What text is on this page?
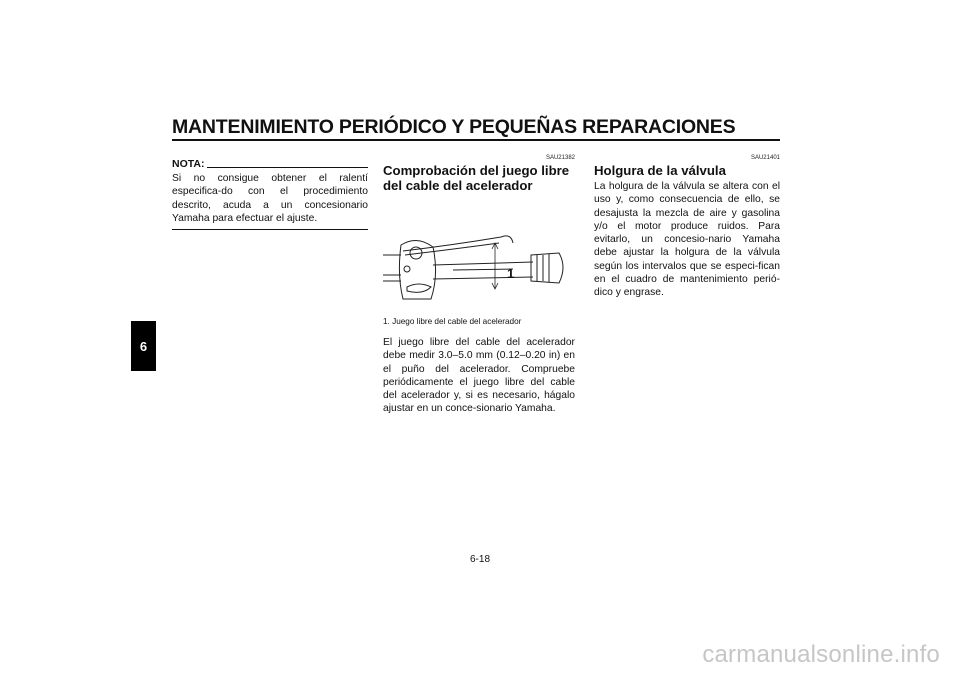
MANTENIMIENTO PERIÓDICO Y PEQUEÑAS REPARACIONES
6
NOTA:

Si no consigue obtener el ralentí especifica-do con el procedimiento descrito, acuda a un concesionario Yamaha para efectuar el ajuste.

SAU21382
Comprobación del juego libre del cable del acelerador
1
1. Juego libre del cable del acelerador

El juego libre del cable del acelerador debe medir 3.0–5.0 mm (0.12–0.20 in) en el puño del acelerador. Compruebe periódicamente el juego libre del cable del acelerador y, si es necesario, hágalo ajustar en un conce-sionario Yamaha.

SAU21401
Holgura de la válvula

La holgura de la válvula se altera con el uso y, como consecuencia de ello, se desajusta la mezcla de aire y gasolina y/o el motor produce ruidos. Para evitarlo, un concesio-nario Yamaha debe ajustar la holgura de la válvula según los intervalos que se especi-fican en el cuadro de mantenimiento perió-dico y engrase.

6-18
carmanualsonline.info
